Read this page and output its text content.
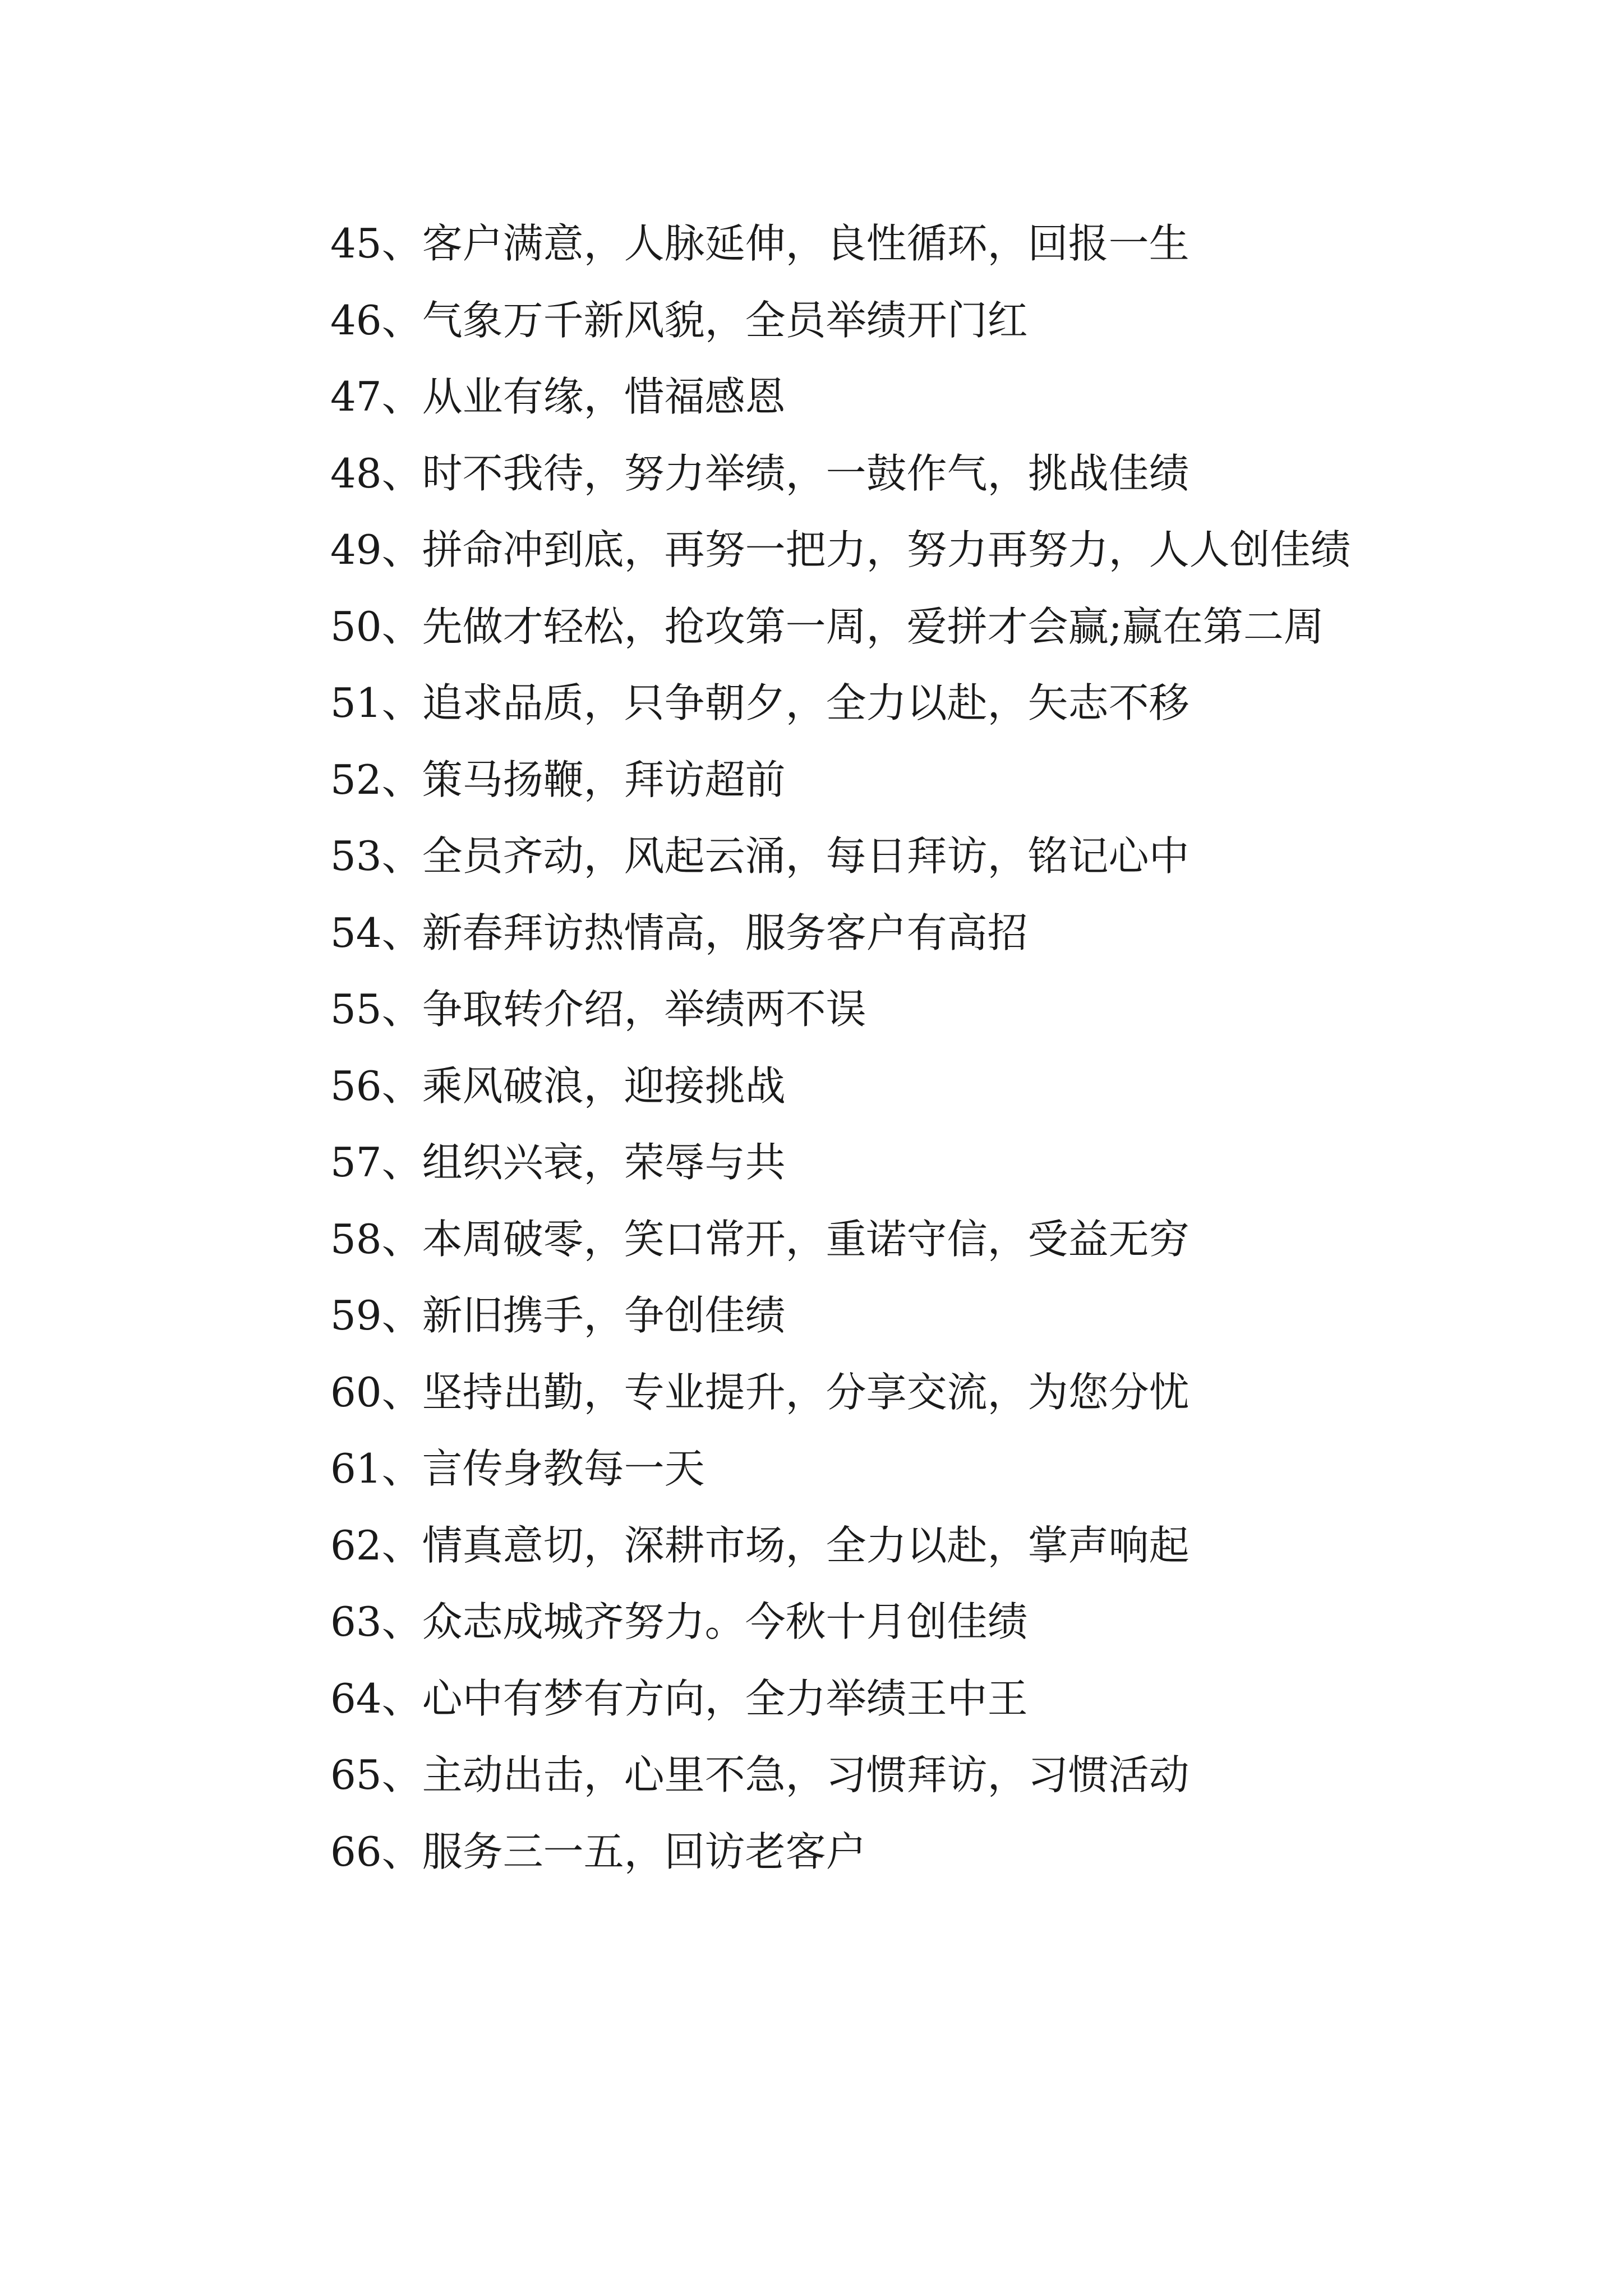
45、客户满意，人脉延伸，良性循环，回报一生

46、气象万千新风貌，全员举绩开门红

47、从业有缘，惜福感恩

48、时不我待，努力举绩，一鼓作气，挑战佳绩

49、拼命冲到底，再努一把力，努力再努力，人人创佳绩

50、先做才轻松，抢攻第一周，爱拼才会赢;赢在第二周

51、追求品质，只争朝夕，全力以赴，矢志不移

52、策马扬鞭，拜访超前

53、全员齐动，风起云涌，每日拜访，铭记心中

54、新春拜访热情高，服务客户有高招

55、争取转介绍，举绩两不误

56、乘风破浪，迎接挑战

57、组织兴衰，荣辱与共

58、本周破零，笑口常开，重诺守信，受益无穷

59、新旧携手，争创佳绩

60、坚持出勤，专业提升，分享交流，为您分忧

61、言传身教每一天

62、情真意切，深耕市场，全力以赴，掌声响起

63、众志成城齐努力。今秋十月创佳绩

64、心中有梦有方向，全力举绩王中王

65、主动出击，心里不急，习惯拜访，习惯活动

66、服务三一五，回访老客户
